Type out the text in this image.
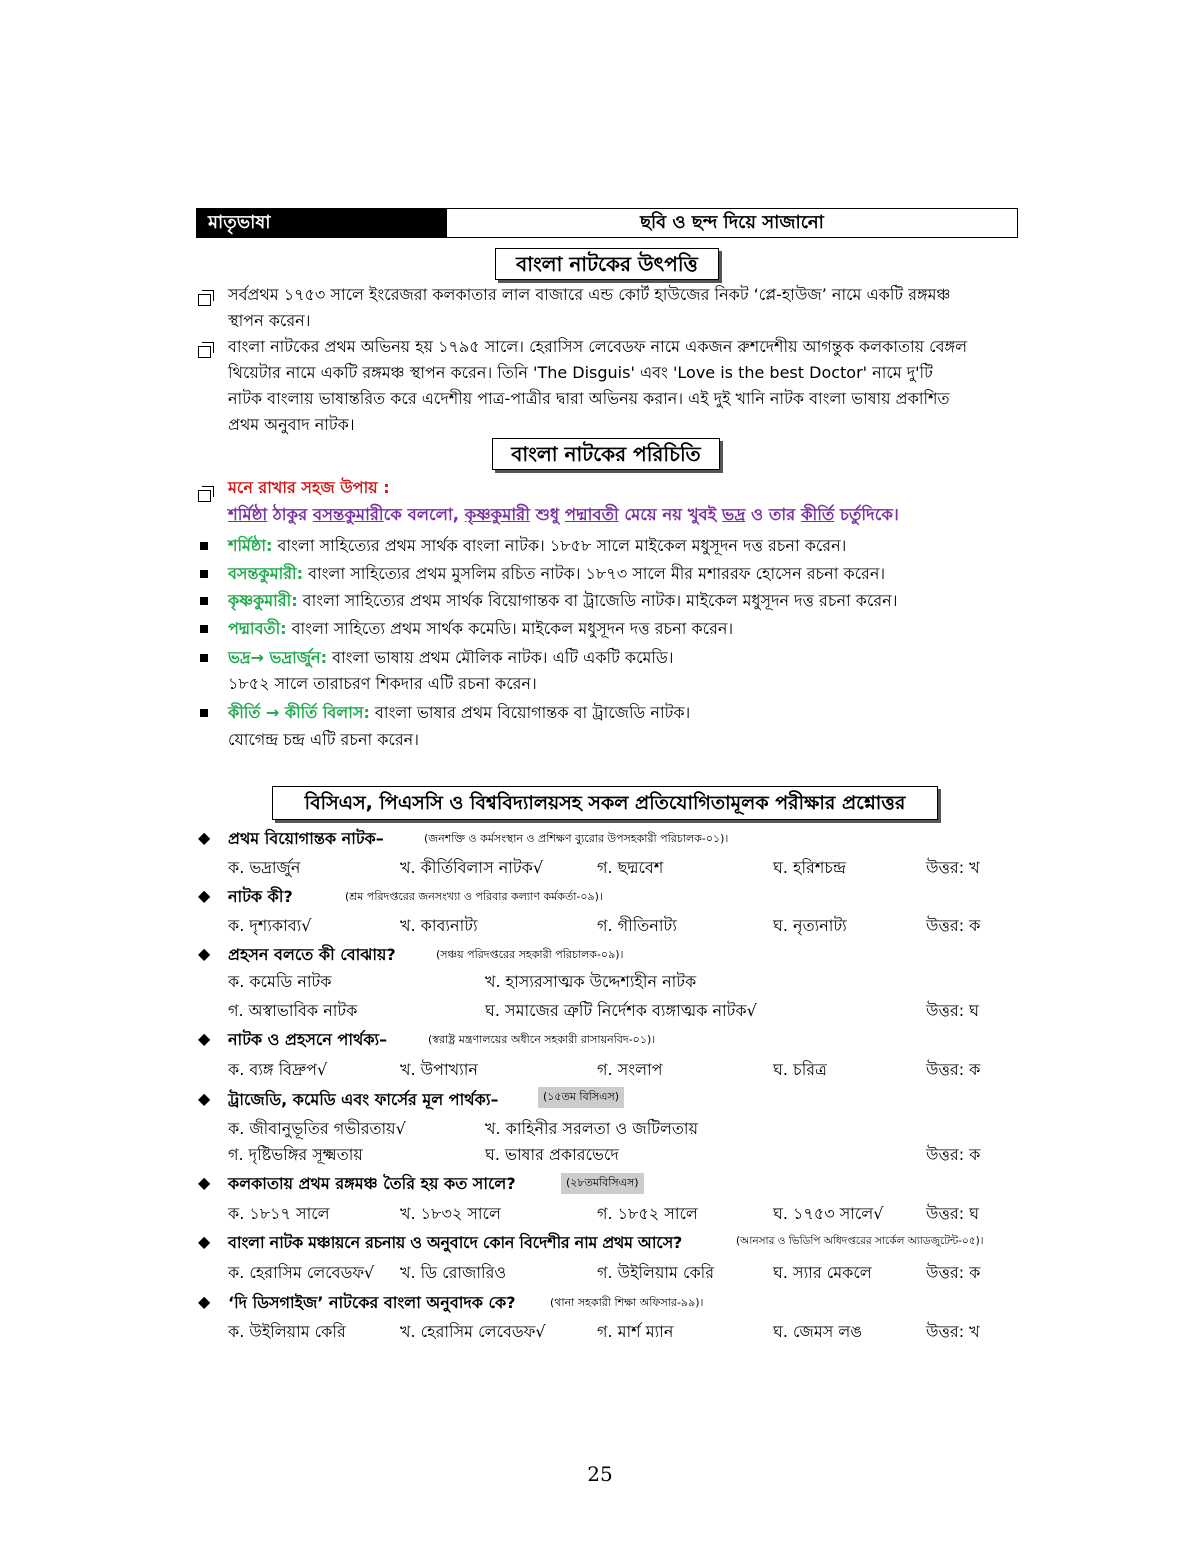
মাতৃভাষা	ছবি ও ছন্দ দিয়ে সাজানো
বাংলা নাটকের উৎপত্তি
সর্বপ্রথম ১৭৫৩ সালে ইংরেজরা কলকাতার লাল বাজারে এন্ড কোর্ট হাউজের নিকট ‘প্লে-হাউজ’ নামে একটি রঙ্গমঞ্চ
স্থাপন করেন।
বাংলা নাটকের প্রথম অভিনয় হয় ১৭৯৫ সালে। হেরাসিস লেবেডফ নামে একজন রুশদেশীয় আগন্তুক কলকাতায় বেঙ্গল
থিয়েটার নামে একটি রঙ্গমঞ্চ স্থাপন করেন। তিনি 'The Disguis' এবং 'Love is the best Doctor' নামে দু'টি
নাটক বাংলায় ভাষান্তরিত করে এদেশীয় পাত্র-পাত্রীর দ্বারা অভিনয় করান। এই দুই খানি নাটক বাংলা ভাষায় প্রকাশিত
প্রথম অনুবাদ নাটক।
বাংলা নাটকের পরিচিতি
মনে রাখার সহজ উপায় :
শর্মিষ্ঠা ঠাকুর বসন্তকুমারীকে বললো, কৃষ্ণকুমারী শুধু পদ্মাবতী মেয়ে নয় খুবই ভদ্র ও তার কীর্তি চর্তুদিকে।
শর্মিষ্ঠা: বাংলা সাহিত্যের প্রথম সার্থক বাংলা নাটক। ১৮৫৮ সালে মাইকেল মধুসূদন দত্ত রচনা করেন।
বসন্তকুমারী: বাংলা সাহিত্যের প্রথম মুসলিম রচিত নাটক। ১৮৭৩ সালে মীর মশাররফ হোসেন রচনা করেন।
কৃষ্ণকুমারী: বাংলা সাহিত্যের প্রথম সার্থক বিয়োগান্তক বা ট্রাজেডি নাটক। মাইকেল মধুসূদন দত্ত রচনা করেন।
পদ্মাবতী: বাংলা সাহিত্যে প্রথম সার্থক কমেডি। মাইকেল মধুসূদন দত্ত রচনা করেন।
ভদ্র→ ভদ্রার্জুন: বাংলা ভাষায় প্রথম মৌলিক নাটক। এটি একটি কমেডি।
১৮৫২ সালে তারাচরণ শিকদার এটি রচনা করেন।
কীর্তি → কীর্তি বিলাস: বাংলা ভাষার প্রথম বিয়োগান্তক বা ট্রাজেডি নাটক।
যোগেন্দ্র চন্দ্র এটি রচনা করেন।
বিসিএস, পিএসসি ও বিশ্ববিদ্যালয়সহ সকল প্রতিযোগিতামূলক পরীক্ষার প্রশ্নোত্তর
◆ প্রথম বিয়োগান্তক নাটক–	(জনশক্তি ও কর্মসংস্থান ও প্রশিক্ষণ ব্যুরোর উপসহকারী পরিচালক-০১)।
ক. ভদ্রার্জুন	খ. কীর্তিবিলাস নাটক√	গ. ছদ্মবেশ	ঘ. হরিশচন্দ্র	উত্তর: খ
◆ নাটক কী?	(শ্রম পরিদপ্তরের জনসংখ্যা ও পরিবার কল্যাণ কর্মকর্তা-০৯)।
ক. দৃশ্যকাব্য√	খ. কাব্যনাট্য	গ. গীতিনাট্য	ঘ. নৃত্যনাট্য	উত্তর: ক
◆ প্রহসন বলতে কী বোঝায়?	(সঞ্চয় পরিদপ্তরের সহকারী পরিচালক-০৯)।
ক. কমেডি নাটক	খ. হাস্যরসাত্মক উদ্দেশ্যহীন নাটক
গ. অস্বাভাবিক নাটক	ঘ. সমাজের ত্রুটি নির্দেশক ব্যঙ্গাত্মক নাটক√	উত্তর: ঘ
◆ নাটক ও প্রহসনে পার্থক্য–	(স্বরাষ্ট্র মন্ত্রণালয়ের অধীনে সহকারী রাসায়নবিদ-০১)।
ক. ব্যঙ্গ বিদ্রুপ√	খ. উপাখ্যান	গ. সংলাপ	ঘ. চরিত্র	উত্তর: ক
◆ ট্রাজেডি, কমেডি এবং ফার্সের মূল পার্থক্য–	(১৫তম বিসিএস)
ক. জীবানুভূতির গভীরতায়√	খ. কাহিনীর সরলতা ও জটিলতায়
গ. দৃষ্টিভঙ্গির সূক্ষ্মতায়	ঘ. ভাষার প্রকারভেদে	উত্তর: ক
◆ কলকাতায় প্রথম রঙ্গমঞ্চ তৈরি হয় কত সালে?	(২৮তমবিসিএস)
ক. ১৮১৭ সালে	খ. ১৮৩২ সালে	গ. ১৮৫২ সালে	ঘ. ১৭৫৩ সালে√	উত্তর: ঘ
◆ বাংলা নাটক মঞ্চায়নে রচনায় ও অনুবাদে কোন বিদেশীর নাম প্রথম আসে?	(আনসার ও ভিডিপি অধিদপ্তরের সার্কেল অ্যাডজুটেন্ট-০৫)।
ক. হেরাসিম লেবেডফ√ খ. ডি রোজারিও	গ. উইলিয়াম কেরি	ঘ. স্যার মেকলে	উত্তর: ক
◆ ‘দি ডিসগাইজ’ নাটকের বাংলা অনুবাদক কে?	(থানা সহকারী শিক্ষা অফিসার-৯৯)।
ক. উইলিয়াম কেরি	খ. হেরাসিম লেবেডফ√	গ. মার্শ ম্যান	ঘ. জেমস লঙ	উত্তর: খ
25
